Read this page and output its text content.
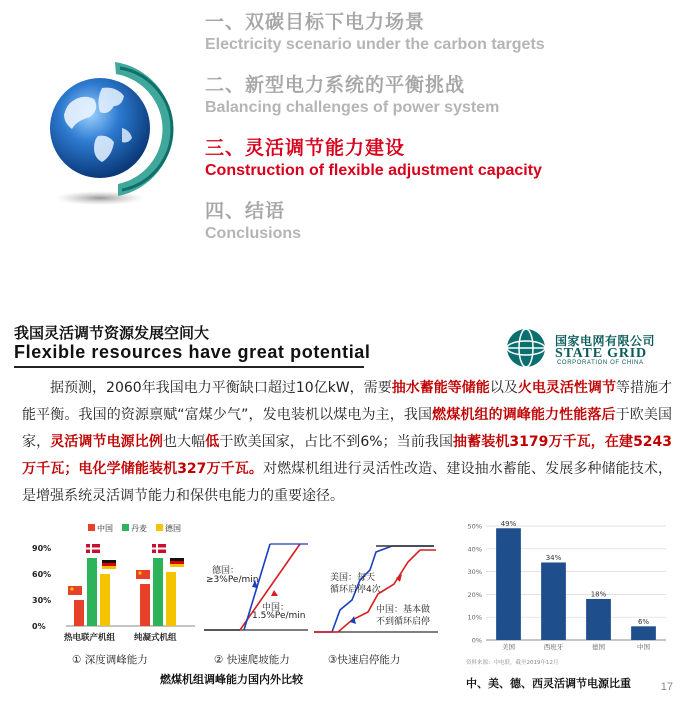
一、双碳目标下电力场景
Electricity scenario under the carbon targets
二、新型电力系统的平衡挑战
Balancing challenges of power system
三、灵活调节能力建设
Construction of flexible adjustment capacity
四、结语
Conclusions
我国灵活调节资源发展空间大
Flexible resources have great potential
国家电网有限公司
STATE GRID
CORPORATION OF CHINA
据预测，2060年我国电力平衡缺口超过10亿kW，需要抽水蓄能等储能以及火电灵活性调节等措施才能平衡。我国的资源禀赋“富煤少气”，发电装机以煤电为主，我国燃煤机组的调峰能力性能落后于欧美国家，灵活调节电源比例也大幅低于欧美国家，占比不到6%；当前我国抽蓄装机3179万千瓦，在建5243万千瓦；电化学储能装机327万千瓦。对燃煤机组进行灵活性改造、建设抽水蓄能、发展多种储能技术，是增强系统灵活调节能力和保供电能力的重要途径。
中国 丹麦 德国
90%
60%
30%
0%
热电联产机组 纯凝式机组
① 深度调峰能力
德国：
≥3%Pe/min
中国：
1.5%Pe/min
② 快速爬坡能力
美国：每天
循环启停4次
中国：基本做
不到循环启停
③快速启停能力
燃煤机组调峰能力国内外比较
50%
40%
30%
20%
10%
0%
49%
美国
34%
西班牙
18%
德国
6%
中国
资料来源：中电联，截至2019年12月
中、美、德、西灵活调节电源比重	17
